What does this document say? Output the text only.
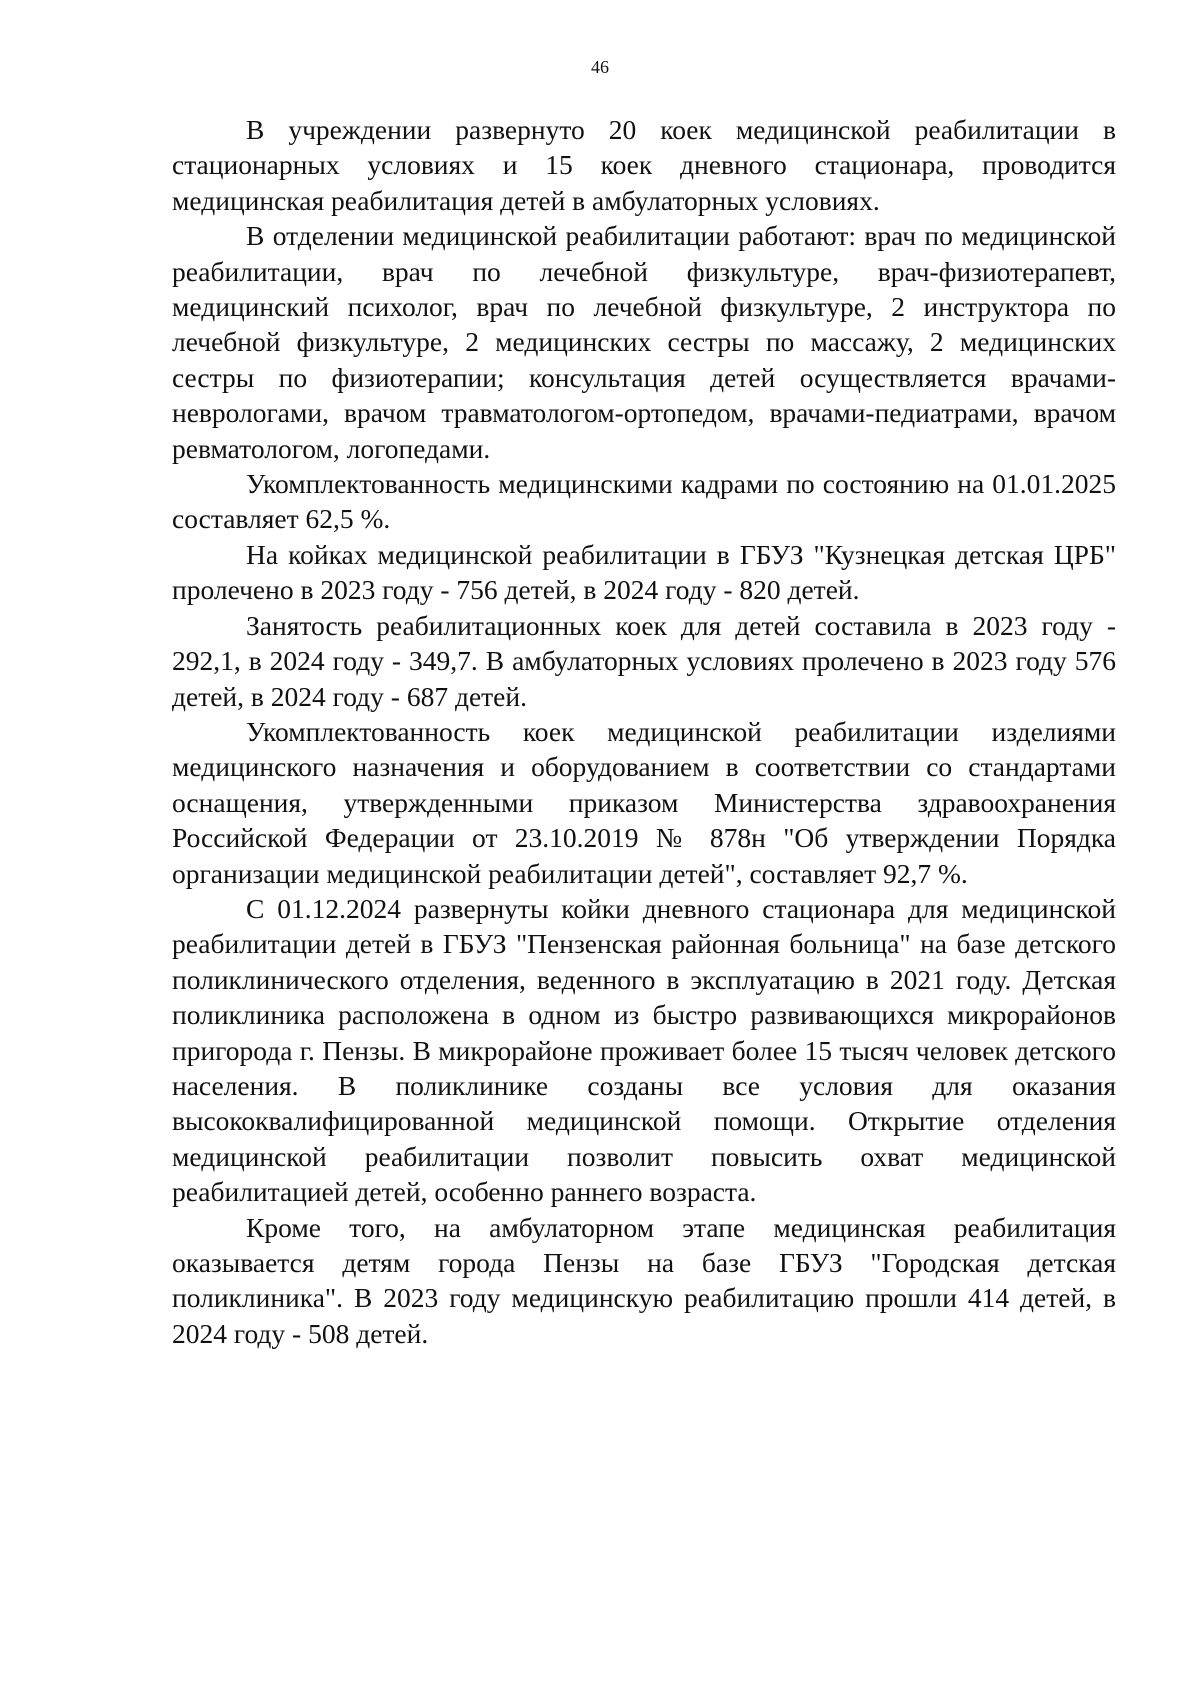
46

В учреждении развернуто 20 коек медицинской реабилитации в стационарных условиях и 15 коек дневного стационара, проводится медицинская реабилитация детей в амбулаторных условиях.

В отделении медицинской реабилитации работают: врач по медицинской реабилитации, врач по лечебной физкультуре, врач-физиотерапевт, медицинский психолог, врач по лечебной физкультуре, 2 инструктора по лечебной физкультуре, 2 медицинских сестры по массажу, 2 медицинских сестры по физиотерапии; консультация детей осуществляется врачами-неврологами, врачом травматологом-ортопедом, врачами-педиатрами, врачом ревматологом, логопедами.

Укомплектованность медицинскими кадрами по состоянию на 01.01.2025 составляет 62,5 %.

На койках медицинской реабилитации в ГБУЗ "Кузнецкая детская ЦРБ" пролечено в 2023 году - 756 детей, в 2024 году - 820 детей.

Занятость реабилитационных коек для детей составила в 2023 году - 292,1, в 2024 году - 349,7. В амбулаторных условиях пролечено в 2023 году 576 детей, в 2024 году - 687 детей.

Укомплектованность коек медицинской реабилитации изделиями медицинского назначения и оборудованием в соответствии со стандартами оснащения, утвержденными приказом Министерства здравоохранения Российской Федерации от 23.10.2019 № 878н "Об утверждении Порядка организации медицинской реабилитации детей", составляет 92,7 %.

С 01.12.2024 развернуты койки дневного стационара для медицинской реабилитации детей в ГБУЗ "Пензенская районная больница" на базе детского поликлинического отделения, веденного в эксплуатацию в 2021 году. Детская поликлиника расположена в одном из быстро развивающихся микрорайонов пригорода г. Пензы. В микрорайоне проживает более 15 тысяч человек детского населения. В поликлинике созданы все условия для оказания высококвалифицированной медицинской помощи. Открытие отделения медицинской реабилитации позволит повысить охват медицинской реабилитацией детей, особенно раннего возраста.

Кроме того, на амбулаторном этапе медицинская реабилитация оказывается детям города Пензы на базе ГБУЗ "Городская детская поликлиника". В 2023 году медицинскую реабилитацию прошли 414 детей, в 2024 году - 508 детей.
